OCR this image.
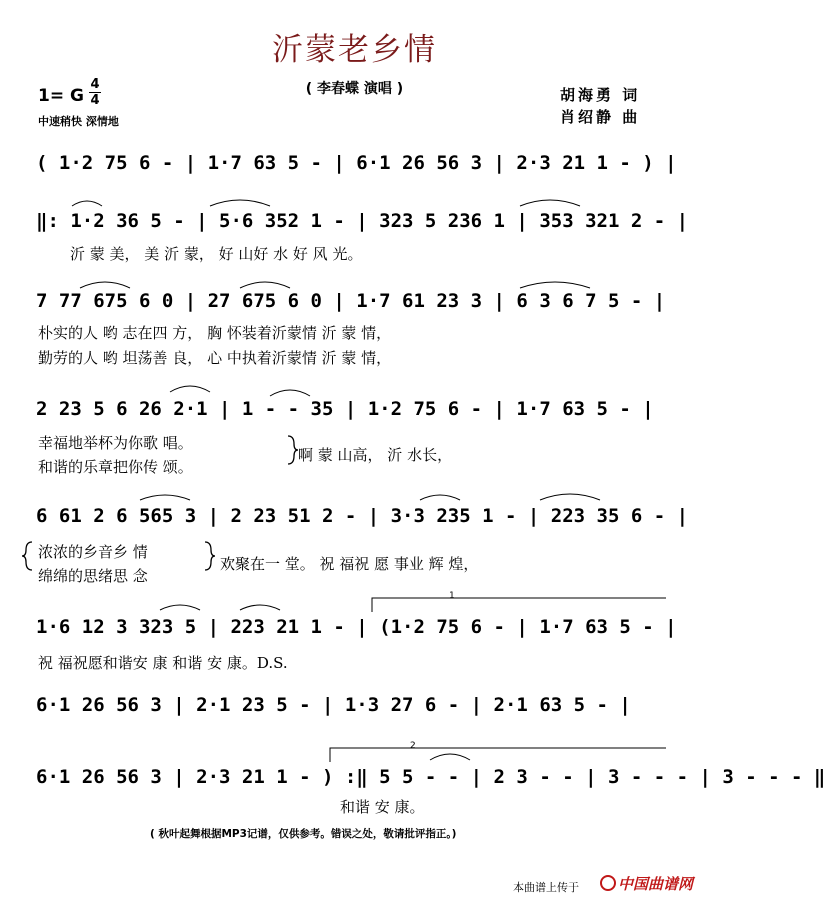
沂蒙老乡情
( 李春蝶 演唱 )
1= G
4
4
中速稍快 深情地
胡海勇 词
肖绍静 曲
( 1·2 75 6 - | 1·7 63 5 - | 6·1 26 56 3 | 2·3 21 1 - ) |
‖: 1·2 36 5 - | 5·6 352 1 - | 323 5 236 1 | 353 321 2 - |
沂 蒙 美， 美 沂 蒙， 好 山好 水 好 风 光。
7 77 675 6 0 | 27 675 6 0 | 1·7 61 23 3 | 6 3 6 7 5 - |
朴实的人 哟 志在四 方， 胸 怀装着沂蒙情 沂 蒙 情，
勤劳的人 哟 坦荡善 良， 心 中执着沂蒙情 沂 蒙 情，
2 23 5 6 26 2·1 | 1 - - 35 | 1·2 75 6 - | 1·7 63 5 - |
幸福地举杯为你歌 唱。
和谐的乐章把你传 颂。
啊 蒙 山高， 沂 水长，
6 61 2 6 565 3 | 2 23 51 2 - | 3·3 235 1 - | 223 35 6 - |
浓浓的乡音乡 情
绵绵的思绪思 念
欢聚在一 堂。 祝 福祝 愿 事业 辉 煌，
1
1·6 12 3 323 5 | 223 21 1 - | (1·2 75 6 - | 1·7 63 5 - |
祝 福祝愿和谐安 康 和谐 安 康。D.S.
6·1 26 56 3 | 2·1 23 5 - | 1·3 27 6 - | 2·1 63 5 - |
2
6·1 26 56 3 | 2·3 21 1 - ) :‖ 5 5 - - | 2 3 - - | 3 - - - | 3 - - - ‖
和谐 安 康。
( 秋叶起舞根据MP3记谱，仅供参考。错误之处，敬请批评指正。)
本曲谱上传于	中国曲谱网
